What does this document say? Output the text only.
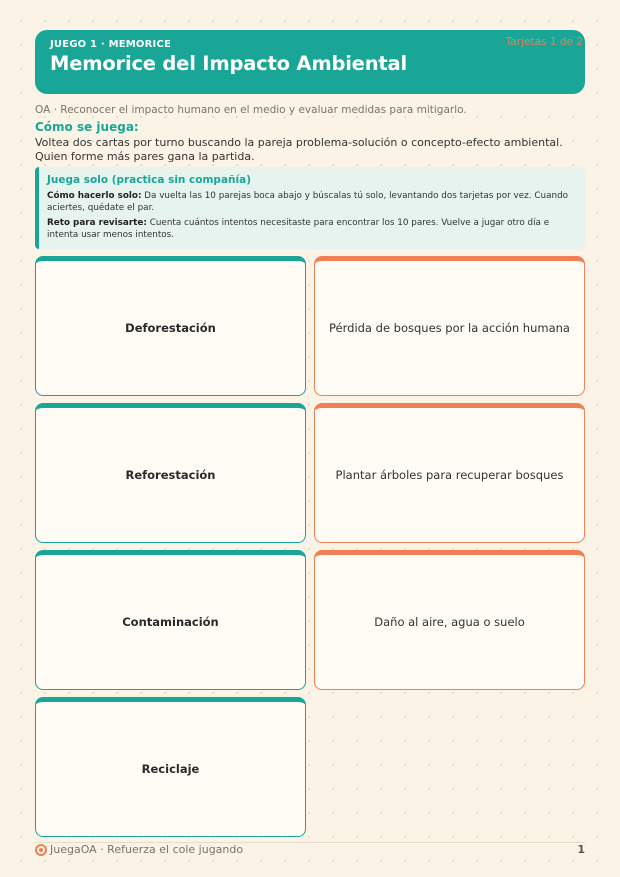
JUEGO 1 · MEMORICE
Memorice del Impacto Ambiental
Tarjetas 1 de 2
OA · Reconocer el impacto humano en el medio y evaluar medidas para mitigarlo.
Cómo se juega:
Voltea dos cartas por turno buscando la pareja problema-solución o concepto-efecto ambiental. Quien forme más pares gana la partida.
Juega solo (practica sin compañía)
Cómo hacerlo solo: Da vuelta las 10 parejas boca abajo y búscalas tú solo, levantando dos tarjetas por vez. Cuando aciertes, quédate el par.
Reto para revisarte: Cuenta cuántos intentos necesitaste para encontrar los 10 pares. Vuelve a jugar otro día e intenta usar menos intentos.
Deforestación	Pérdida de bosques por la acción humana
Reforestación	Plantar árboles para recuperar bosques
Contaminación	Daño al aire, agua o suelo
Reciclaje
JuegaOA · Refuerza el cole jugando	1
